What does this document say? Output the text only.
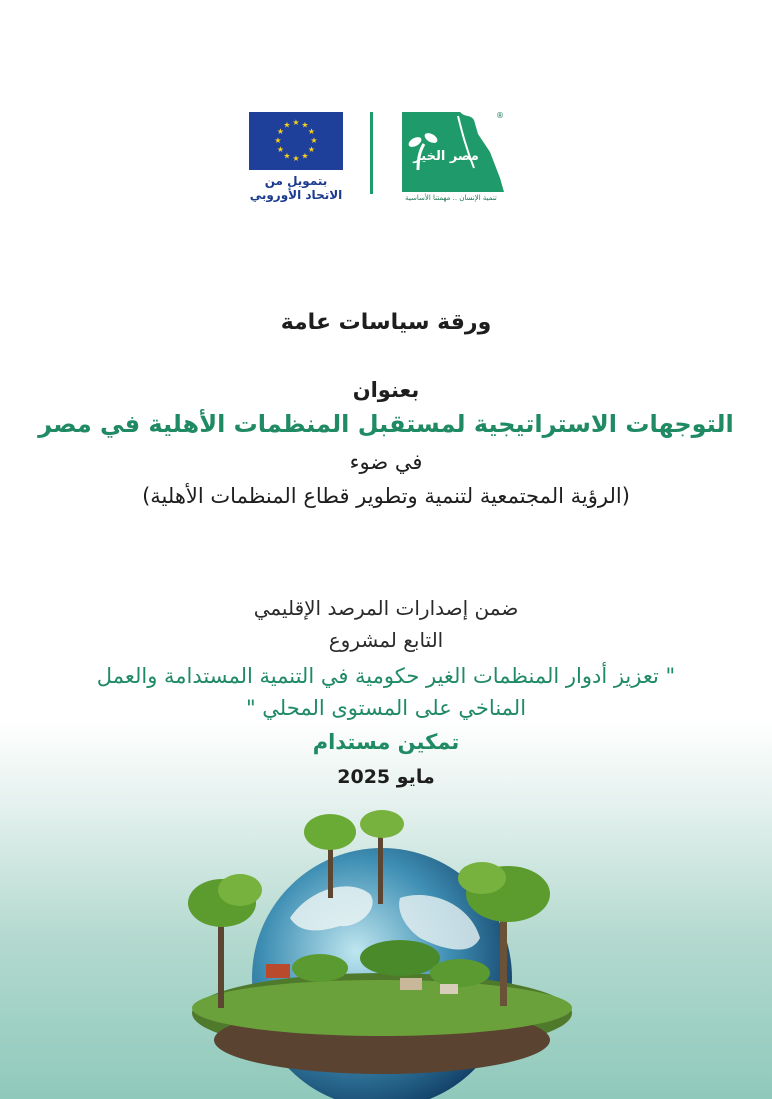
★ ★
★
★
★
★
★
★
★
★
★
★
بتمويل من
الاتحاد الأوروبي
مصر الخير
®
تنمية الإنسان .. مهمتنا الأساسية
ورقة سياسات عامة
بعنوان
التوجهات الاستراتيجية لمستقبل المنظمات الأهلية في مصر
في ضوء
(الرؤية المجتمعية لتنمية وتطوير قطاع المنظمات الأهلية)
ضمن إصدارات المرصد الإقليمي
التابع لمشروع
" تعزيز أدوار المنظمات الغير حكومية في التنمية المستدامة والعمل
المناخي على المستوى المحلي "
تمكين مستدام
مايو 2025
